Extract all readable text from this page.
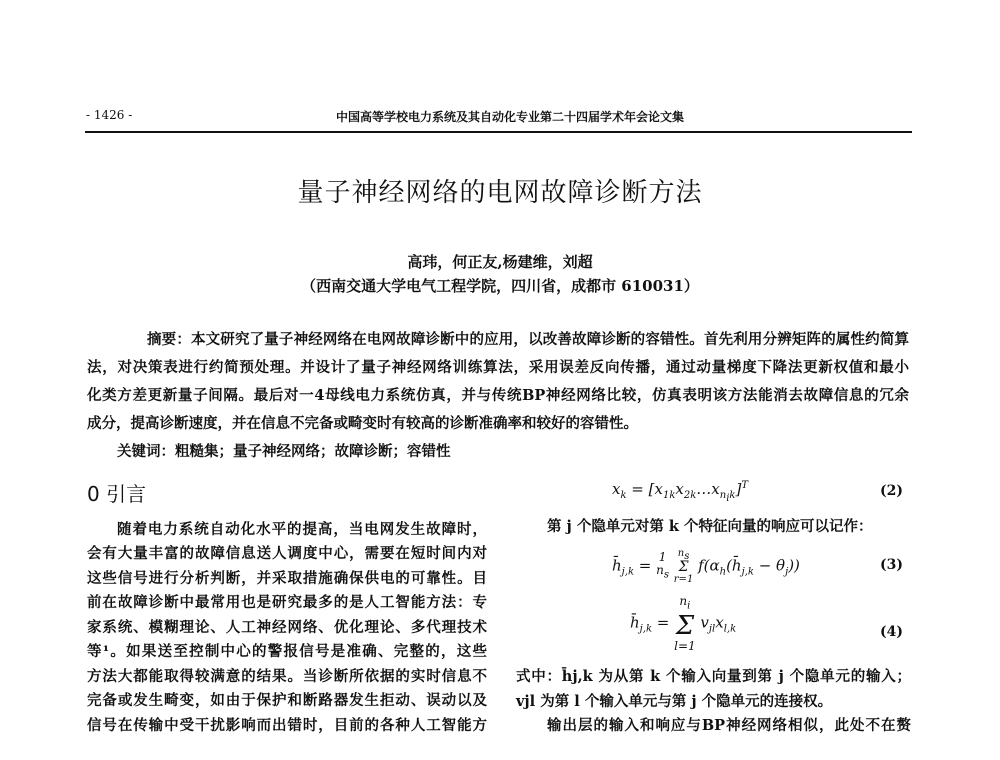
- 1426 -	中国高等学校电力系统及其自动化专业第二十四届学术年会论文集
量子神经网络的电网故障诊断方法
高玮，何正友,杨建维，刘超
（西南交通大学电气工程学院，四川省，成都市 610031）
摘要：本文研究了量子神经网络在电网故障诊断中的应用，以改善故障诊断的容错性。首先利用分辨矩阵的属性约简算
法，对决策表进行约简预处理。并设计了量子神经网络训练算法，采用误差反向传播，通过动量梯度下降法更新权值和最小
化类方差更新量子间隔。最后对一4母线电力系统仿真，并与传统BP神经网络比较，仿真表明该方法能消去故障信息的冗余
成分，提高诊断速度，并在信息不完备或畸变时有较高的诊断准确率和较好的容错性。
关键词：粗糙集；量子神经网络；故障诊断；容错性
0 引言
随着电力系统自动化水平的提高，当电网发生故障时，
会有大量丰富的故障信息送人调度中心，需要在短时间内对
这些信号进行分析判断，并采取措施确保供电的可靠性。目
前在故障诊断中最常用也是研究最多的是人工智能方法：专
家系统、模糊理论、人工神经网络、优化理论、多代理技术
等¹。如果送至控制中心的警报信号是准确、完整的，这些
方法大都能取得较满意的结果。当诊断所依据的实时信息不
完备或发生畸变，如由于保护和断路器发生拒动、误动以及
信号在传输中受干扰影响而出错时，目前的各种人工智能方
$x_k$ = $[x_{1k}x_{2k}\dots x_{n_ik}]^T$	(2)
第 j 个隐单元对第 k 个特征向量的响应可以记作：
$h̄_{j,k} = 1$
$n_s$ $n_s$
Σ
r=1 $f(\alpha_h(h̄_{j,k} - \theta_j))$	(3)
$h̄_{j,k} = n_i$
Σ
l=1 $v_{jl}x_{l,k}$	(4)
式中：h̄j,k 为从第 k 个输入向量到第 j 个隐单元的输入；
vjl 为第 l 个输入单元与第 j 个隐单元的连接权。
输出层的输入和响应与BP神经网络相似，此处不在赘
